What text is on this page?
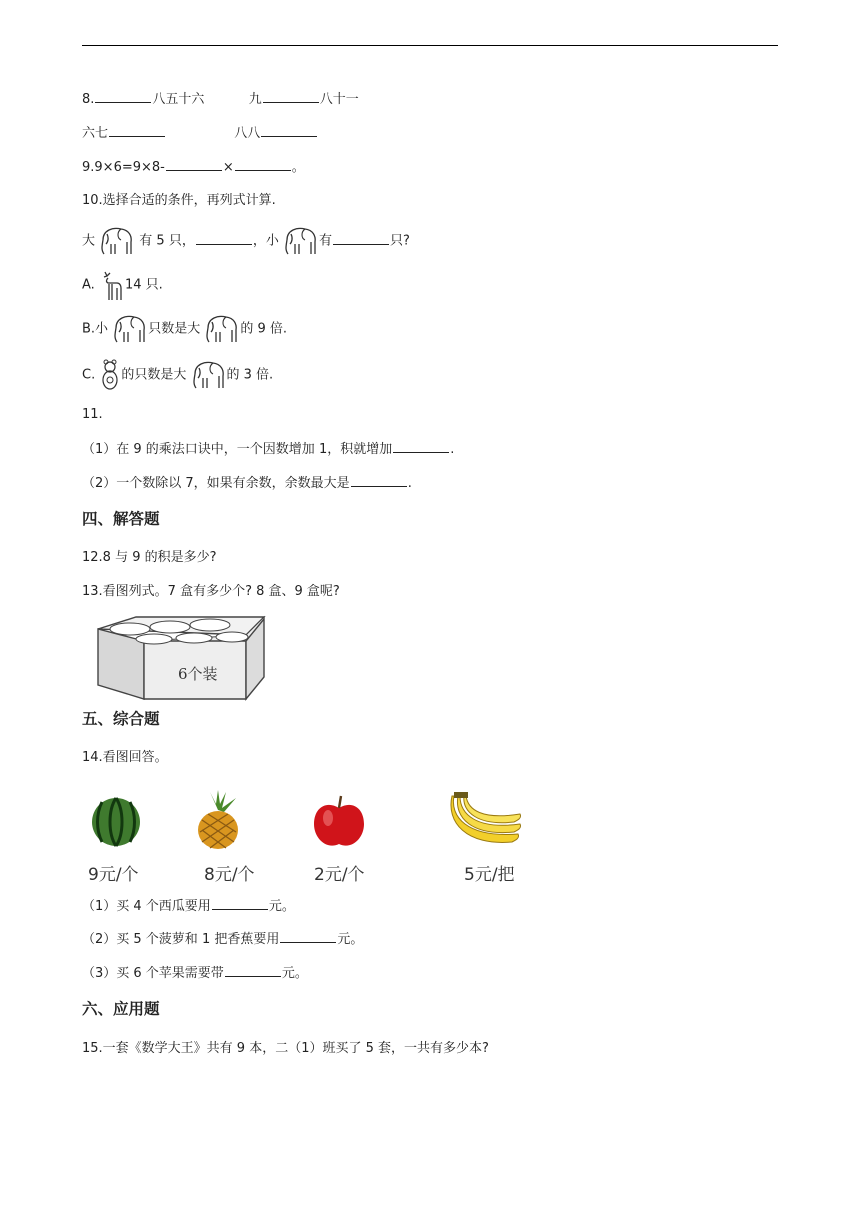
8.	八五十六	九	八十一
六七	八八
9.9×6=9×8-	×	。
10.选择合适的条件，再列式计算.
大	有 5 只，	，小	有	只?
A. 14 只.
B.小	只数是大	的 9 倍.
C. 的只数是大	的 3 倍.
11.
（1）在 9 的乘法口诀中，一个因数增加 1，积就增加	.
（2）一个数除以 7，如果有余数，余数最大是	.
四、解答题
12.8 与 9 的积是多少?
13.看图列式。7 盒有多少个? 8 盒、9 盒呢?
6个装
五、综合题
14.看图回答。
9元/个	8元/个	2元/个	5元/把
（1）买 4 个西瓜要用	元。
（2）买 5 个菠萝和 1 把香蕉要用	元。
（3）买 6 个苹果需要带	元。
六、应用题
15.一套《数学大王》共有 9 本，二（1）班买了 5 套，一共有多少本?
